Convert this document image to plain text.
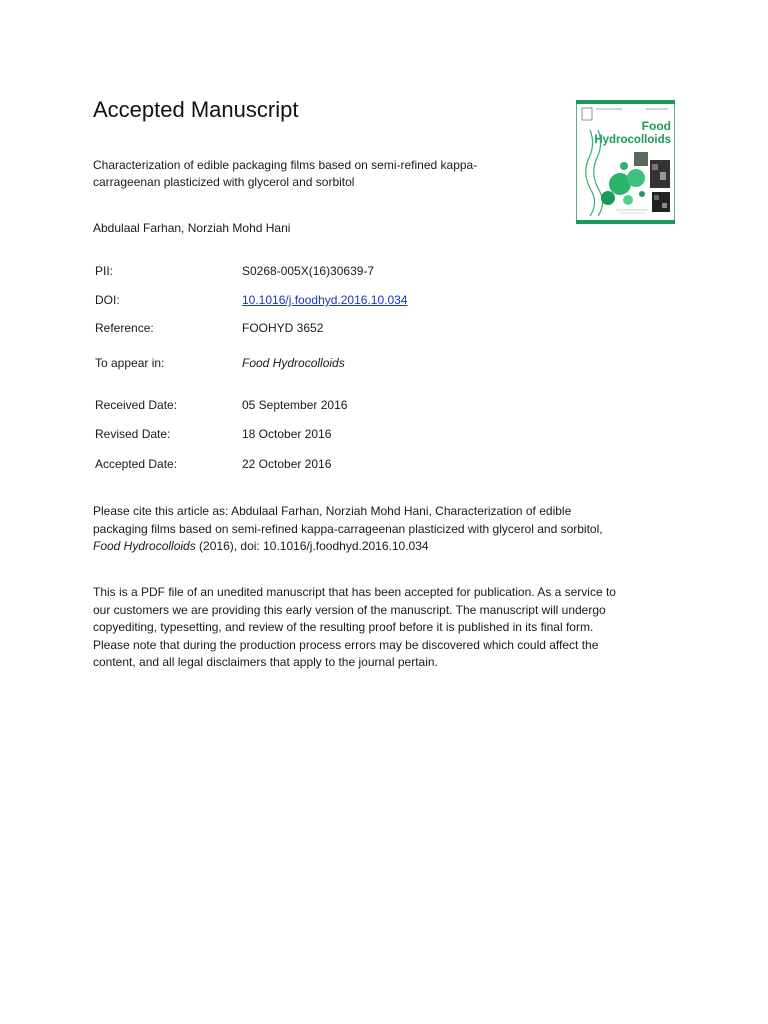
Accepted Manuscript
Food
Hydrocolloids

Characterization of edible packaging films based on semi-refined kappa-
carrageenan plasticized with glycerol and sorbitol

Abdulaal Farhan, Norziah Mohd Hani
PII:	S0268-005X(16)30639-7
DOI:	10.1016/j.foodhyd.2016.10.034
Reference:	FOOHYD 3652
To appear in:	Food Hydrocolloids
Received Date:	05 September 2016
Revised Date:	18 October 2016
Accepted Date:	22 October 2016

Please cite this article as: Abdulaal Farhan, Norziah Mohd Hani, Characterization of edible
packaging films based on semi-refined kappa-carrageenan plasticized with glycerol and sorbitol,
Food Hydrocolloids (2016), doi: 10.1016/j.foodhyd.2016.10.034

This is a PDF file of an unedited manuscript that has been accepted for publication. As a service to
our customers we are providing this early version of the manuscript. The manuscript will undergo
copyediting, typesetting, and review of the resulting proof before it is published in its final form.
Please note that during the production process errors may be discovered which could affect the
content, and all legal disclaimers that apply to the journal pertain.
